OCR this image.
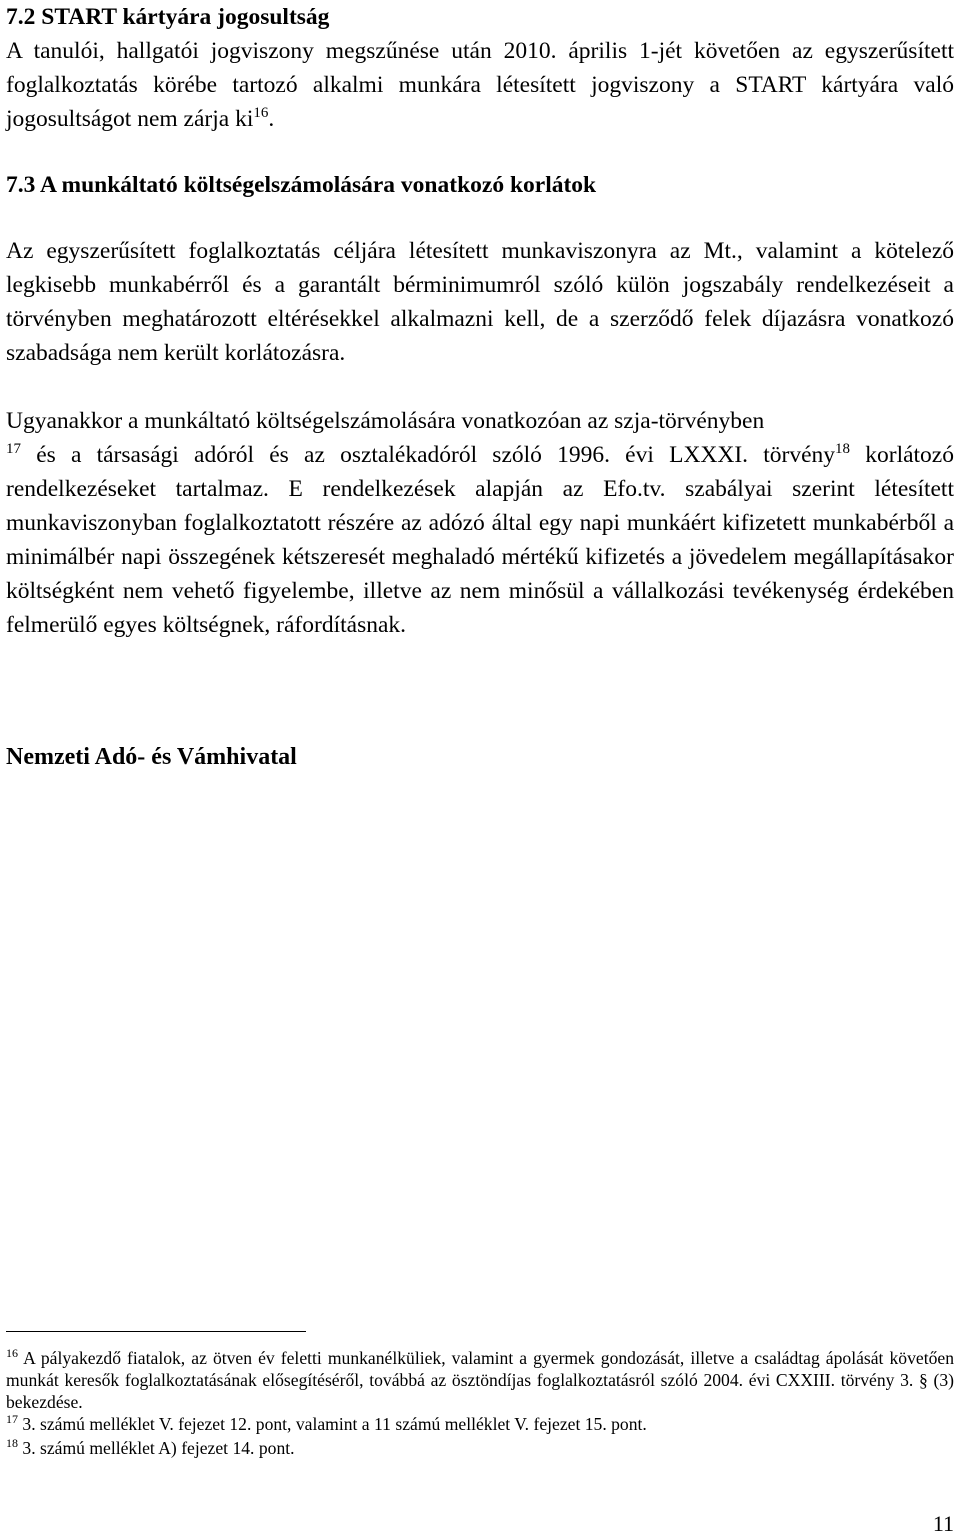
7.2 START kártyára jogosultság

A tanulói, hallgatói jogviszony megszűnése után 2010. április 1-jét követően az egyszerűsített foglalkoztatás körébe tartozó alkalmi munkára létesített jogviszony a START kártyára való jogosultságot nem zárja $ki^{16}$.

7.3 A munkáltató költségelszámolására vonatkozó korlátok

Az egyszerűsített foglalkoztatás céljára létesített munkaviszonyra az Mt., valamint a kötelező legkisebb munkabérről és a garantált bérminimumról szóló külön jogszabály rendelkezéseit a törvényben meghatározott eltérésekkel alkalmazni kell, de a szerződő felek díjazásra vonatkozó szabadsága nem került korlátozásra.

Ugyanakkor a munkáltató költségelszámolására vonatkozóan az szja-törvényben
$^{17}$ és a társasági adóról és az osztalékadóról szóló 1996. évi LXXXI. törvény$^{18}$ korlátozó rendelkezéseket tartalmaz. E rendelkezések alapján az Efo.tv. szabályai szerint létesített munkaviszonyban foglalkoztatott részére az adózó által egy napi munkáért kifizetett munkabérből a minimálbér napi összegének kétszeresét meghaladó mértékű kifizetés a jövedelem megállapításakor költségként nem vehető figyelembe, illetve az nem minősül a vállalkozási tevékenység érdekében felmerülő egyes költségnek, ráfordításnak.

Nemzeti Adó- és Vámhivatal

$^{16}$ A pályakezdő fiatalok, az ötven év feletti munkanélküliek, valamint a gyermek gondozását, illetve a családtag ápolását követően munkát keresők foglalkoztatásának elősegítéséről, továbbá az ösztöndíjas foglalkoztatásról szóló 2004. évi CXXIII. törvény 3. § (3) bekezdése.

$^{17}$ 3. számú melléklet V. fejezet 12. pont, valamint a 11 számú melléklet V. fejezet 15. pont.

$^{18}$ 3. számú melléklet A) fejezet 14. pont.

11
